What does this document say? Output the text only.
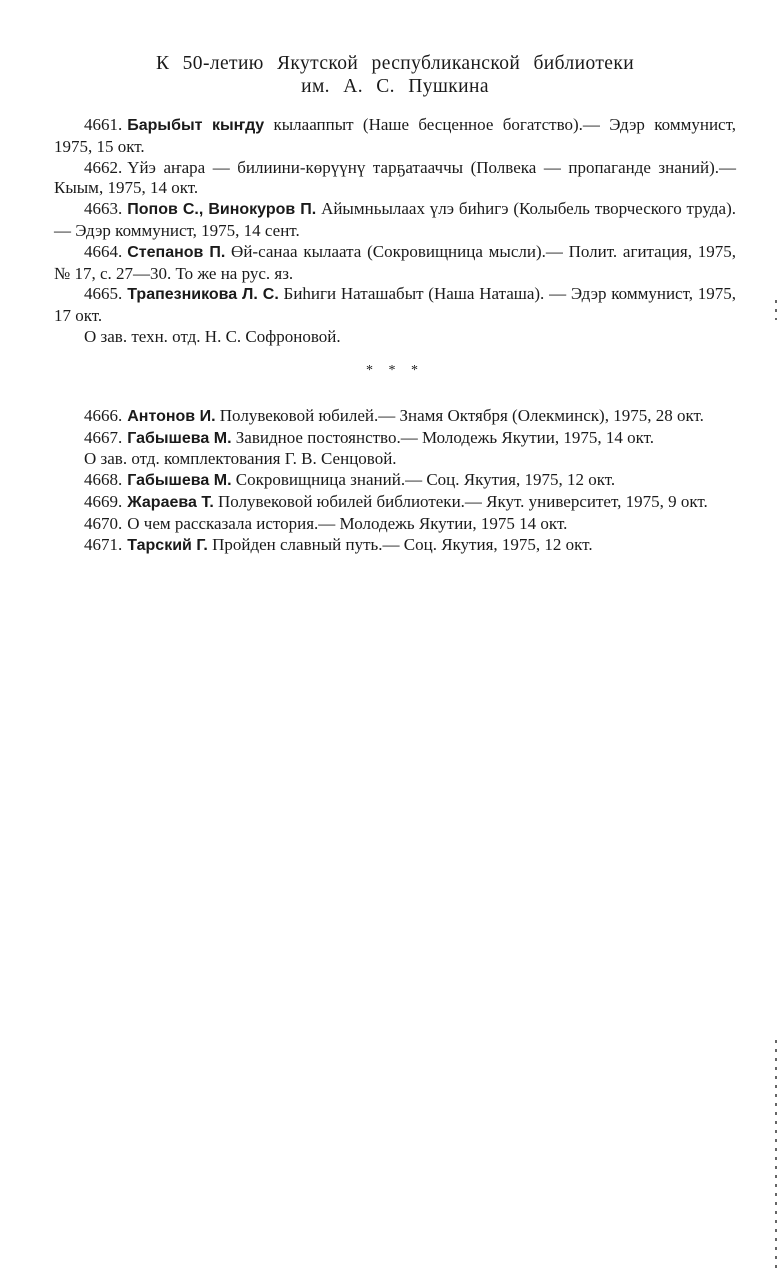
К 50-летию Якутской республиканской библиотеки
им. А. С. Пушкина

4661. Барыбыт кыҥдy кылааппыт (Наше бесценное богатство).— Эдэр коммунист, 1975, 15 окт.

4662. Үйэ аҥара — билиини-көрүүнү тарҕатааччы (Полвека — пропаганде знаний).— Кыым, 1975, 14 окт.

4663. Попов С., Винокуров П. Айымньылаах үлэ биһигэ (Колыбель творческого труда).— Эдэр коммунист, 1975, 14 сент.

4664. Степанов П. Өй-санаа кылаата (Сокровищница мысли).— Полит. агитация, 1975, № 17, с. 27—30. То же на рус. яз.

4665. Трапезникова Л. С. Биһиги Наташабыт (Наша Наташа). — Эдэр коммунист, 1975, 17 окт.

О зав. техн. отд. Н. С. Софроновой.

* * *

4666. Антонов И. Полувековой юбилей.— Знамя Октября (Олекминск), 1975, 28 окт.

4667. Габышева М. Завидное постоянство.— Молодежь Якутии, 1975, 14 окт.

О зав. отд. комплектования Г. В. Сенцовой.

4668. Габышева М. Сокровищница знаний.— Соц. Якутия, 1975, 12 окт.

4669. Жараева Т. Полувековой юбилей библиотеки.— Якут. университет, 1975, 9 окт.

4670. О чем рассказала история.— Молодежь Якутии, 1975 14 окт.

4671. Тарский Г. Пройден славный путь.— Соц. Якутия, 1975, 12 окт.
